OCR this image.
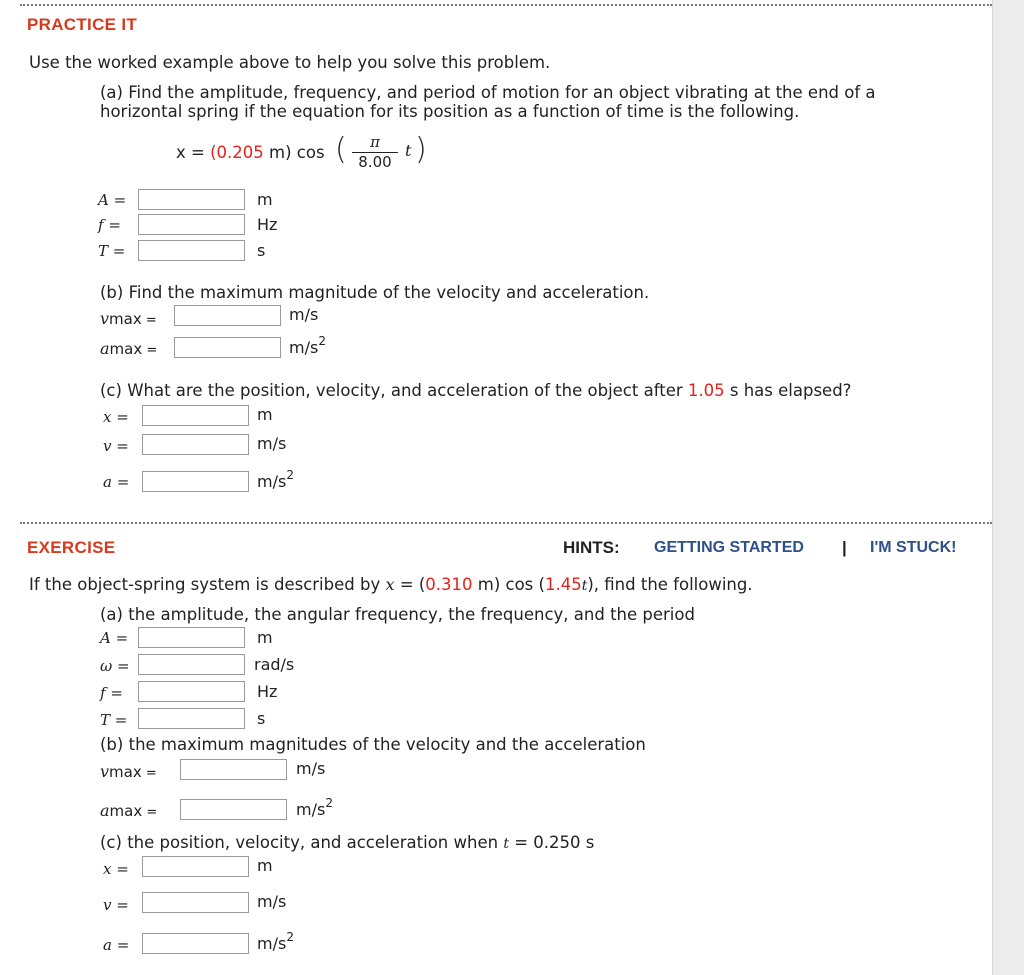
PRACTICE IT
Use the worked example above to help you solve this problem.
(a) Find the amplitude, frequency, and period of motion for an object vibrating at the end of a
horizontal spring if the equation for its position as a function of time is the following.
x = (0.205 m) cos (	π
8.00
t )
A =	m
f =	Hz
T =	s
(b) Find the maximum magnitude of the velocity and acceleration.
vmax =	m/s
amax =	$m/s^2$
(c) What are the position, velocity, and acceleration of the object after 1.05 s has elapsed?
x =	m
v =	m/s
a =	$m/s^2$
EXERCISE	HINTS: GETTING STARTED | I'M STUCK!
If the object-spring system is described by x = (0.310 m) cos (1.45t), find the following.
(a) the amplitude, the angular frequency, the frequency, and the period
A =	m
ω =	rad/s
f =	Hz
T =	s
(b) the maximum magnitudes of the velocity and the acceleration
vmax =	m/s
amax =	$m/s^2$
(c) the position, velocity, and acceleration when t = 0.250 s
x =	m
v =	m/s
a =	$m/s^2$
